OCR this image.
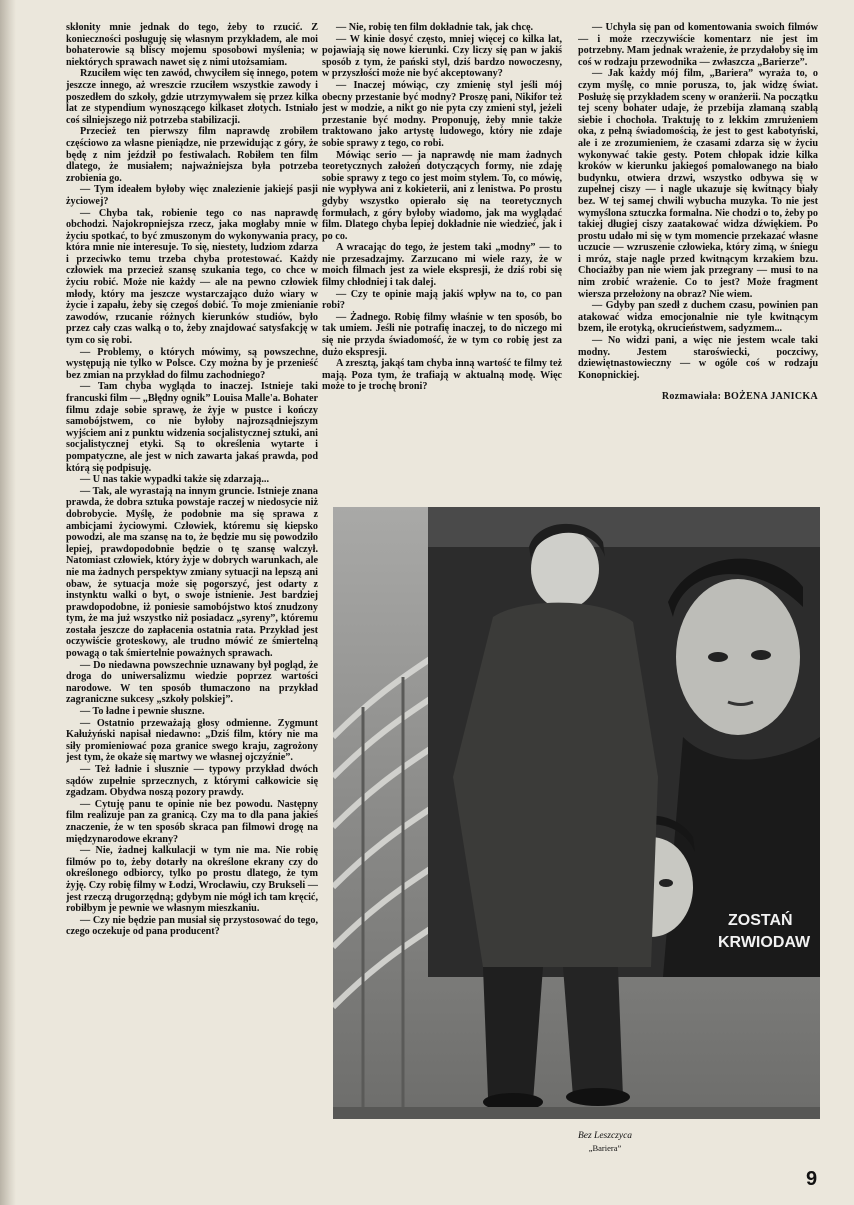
skłonity mnie jednak do tego, żeby to rzucić. Z konieczności posługuję się własnym przykładem, ale moi bohaterowie są bliscy mojemu sposobowi myślenia; w niektórych sprawach nawet się z nimi utożsamiam.

Rzuciłem więc ten zawód, chwyciłem się innego, potem jeszcze innego, aż wreszcie rzuciłem wszystkie zawody i poszedłem do szkoły, gdzie utrzymywałem się przez kilka lat ze stypendium wynoszącego kilkaset złotych. Istniało coś silniejszego niż potrzeba stabilizacji.

Przecież ten pierwszy film naprawdę zrobiłem częściowo za własne pieniądze, nie przewidując z góry, że będę z nim jeździł po festiwalach. Robiłem ten film dlatego, że musiałem; najważniejsza była potrzeba zrobienia go.

— Tym ideałem byłoby więc znalezienie jakiejś pasji życiowej?

— Chyba tak, robienie tego co nas naprawdę obchodzi. Najokropniejsza rzecz, jaka mogłaby mnie w życiu spotkać, to być zmuszonym do wykonywania pracy, która mnie nie interesuje. To się, niestety, ludziom zdarza i przeciwko temu trzeba chyba protestować. Każdy człowiek ma przecież szansę szukania tego, co chce w życiu robić. Może nie każdy — ale na pewno człowiek młody, który ma jeszcze wystarczająco dużo wiary w życie i zapału, żeby się czegoś dobić. To moje zmienianie zawodów, rzucanie różnych kierunków studiów, było przez cały czas walką o to, żeby znajdować satysfakcję w tym co się robi.

— Problemy, o których mówimy, są powszechne, występują nie tylko w Polsce. Czy można by je przenieść bez zmian na przykład do filmu zachodniego?

— Tam chyba wygląda to inaczej. Istnieje taki francuski film — „Błędny ognik” Louisa Malle'a. Bohater filmu zdaje sobie sprawę, że żyje w pustce i kończy samobójstwem, co nie byłoby najrozsądniejszym wyjściem ani z punktu widzenia socjalistycznej sztuki, ani socjalistycznej etyki. Są to określenia wytarte i pompatyczne, ale jest w nich zawarta jakaś prawda, pod którą się podpisuję.

— U nas takie wypadki także się zdarzają...

— Tak, ale wyrastają na innym gruncie. Istnieje znana prawda, że dobra sztuka powstaje raczej w niedosycie niż dobrobycie. Myślę, że podobnie ma się sprawa z ambicjami życiowymi. Człowiek, któremu się kiepsko powodzi, ale ma szansę na to, że będzie mu się powodziło lepiej, prawdopodobnie będzie o tę szansę walczył. Natomiast człowiek, który żyje w dobrych warunkach, ale nie ma żadnych perspektyw zmiany sytuacji na lepszą ani obaw, że sytuacja może się pogorszyć, jest odarty z instynktu walki o byt, o swoje istnienie. Jest bardziej prawdopodobne, iż poniesie samobójstwo ktoś znudzony tym, że ma już wszystko niż posiadacz „syreny”, któremu została jeszcze do zapłacenia ostatnia rata. Przykład jest oczywiście groteskowy, ale trudno mówić ze śmiertelną powagą o tak śmiertelnie poważnych sprawach.

— Do niedawna powszechnie uznawany był pogląd, że droga do uniwersalizmu wiedzie poprzez wartości narodowe. W ten sposób tłumaczono na przykład zagraniczne sukcesy „szkoły polskiej”.

— To ładne i pewnie słuszne.

— Ostatnio przeważają głosy odmienne. Zygmunt Kałużyński napisał niedawno: „Dziś film, który nie ma siły promieniować poza granice swego kraju, zagrożony jest tym, że okaże się martwy we własnej ojczyźnie”.

— Też ładnie i słusznie — typowy przykład dwóch sądów zupełnie sprzecznych, z którymi całkowicie się zgadzam. Obydwa noszą pozory prawdy.

— Cytuję panu te opinie nie bez powodu. Następny film realizuje pan za granicą. Czy ma to dla pana jakieś znaczenie, że w ten sposób skraca pan filmowi drogę na międzynarodowe ekrany?

— Nie, żadnej kalkulacji w tym nie ma. Nie robię filmów po to, żeby dotarły na określone ekrany czy do określonego odbiorcy, tylko po prostu dlatego, że tym żyję. Czy robię filmy w Łodzi, Wrocławiu, czy Brukseli — jest rzeczą drugorzędną; gdybym nie mógł ich tam kręcić, robiłbym je pewnie we własnym mieszkaniu.

— Czy nie będzie pan musiał się przystosować do tego, czego oczekuje od pana producent?

— Nie, robię ten film dokładnie tak, jak chcę.

— W kinie dosyć często, mniej więcej co kilka lat, pojawiają się nowe kierunki. Czy liczy się pan w jakiś sposób z tym, że pański styl, dziś bardzo nowoczesny, w przyszłości może nie być akceptowany?

— Inaczej mówiąc, czy zmienię styl jeśli mój obecny przestanie być modny? Proszę pani, Nikifor też jest w modzie, a nikt go nie pyta czy zmieni styl, jeżeli przestanie być modny. Proponuję, żeby mnie także traktowano jako artystę ludowego, który nie zdaje sobie sprawy z tego, co robi.

Mówiąc serio — ja naprawdę nie mam żadnych teoretycznych założeń dotyczących formy, nie zdaję sobie sprawy z tego co jest moim stylem. To, co mówię, nie wypływa ani z kokieterii, ani z lenistwa. Po prostu gdyby wszystko opierało się na teoretycznych formułach, z góry byłoby wiadomo, jak ma wyglądać film. Dlatego chyba lepiej dokładnie nie wiedzieć, jak i po co.

A wracając do tego, że jestem taki „modny” — to nie przesadzajmy. Zarzucano mi wiele razy, że w moich filmach jest za wiele ekspresji, że dziś robi się filmy chłodniej i tak dalej.

— Czy te opinie mają jakiś wpływ na to, co pan robi?

— Żadnego. Robię filmy właśnie w ten sposób, bo tak umiem. Jeśli nie potrafię inaczej, to do niczego mi się nie przyda świadomość, że w tym co robię jest za dużo ekspresji.

A zresztą, jakąś tam chyba inną wartość te filmy też mają. Poza tym, że trafiają w aktualną modę. Więc może to je trochę broni?

— Uchyla się pan od komentowania swoich filmów — i może rzeczywiście komentarz nie jest im potrzebny. Mam jednak wrażenie, że przydałoby się im coś w rodzaju przewodnika — zwłaszcza „Barierze”.

— Jak każdy mój film, „Bariera” wyraża to, o czym myślę, co mnie porusza, to, jak widzę świat. Posłużę się przykładem sceny w oranżerii. Na początku tej sceny bohater udaje, że przebija złamaną szablą siebie i chochoła. Traktuję to z lekkim zmrużeniem oka, z pełną świadomością, że jest to gest kabotyński, ale i ze zrozumieniem, że czasami zdarza się w życiu wykonywać takie gesty. Potem chłopak idzie kilka kroków w kierunku jakiegoś pomalowanego na biało budynku, otwiera drzwi, wszystko odbywa się w zupełnej ciszy — i nagle ukazuje się kwitnący biały bez. W tej samej chwili wybucha muzyka. To nie jest wymyślona sztuczka formalna. Nie chodzi o to, żeby po takiej długiej ciszy zaatakować widza dźwiękiem. Po prostu udało mi się w tym momencie przekazać własne uczucie — wzruszenie człowieka, który zimą, w śniegu i mróz, staje nagle przed kwitnącym krzakiem bzu. Chociażby pan nie wiem jak przegrany — musi to na nim zrobić wrażenie. Co to jest? Może fragment wiersza przełożony na obraz? Nie wiem.

— Gdyby pan szedł z duchem czasu, powinien pan atakować widza emocjonalnie nie tyle kwitnącym bzem, ile erotyką, okrucieństwem, sadyzmem...

— No widzi pani, a więc nie jestem wcale taki modny. Jestem staroświecki, poczciwy, dziewiętnastowieczny — w ogóle coś w rodzaju Konopnickiej.

Rozmawiała: BOŻENA JANICKA

ZOSTAŃ
KRWIODAW
Bez Leszczyca
„Bariera”
9
